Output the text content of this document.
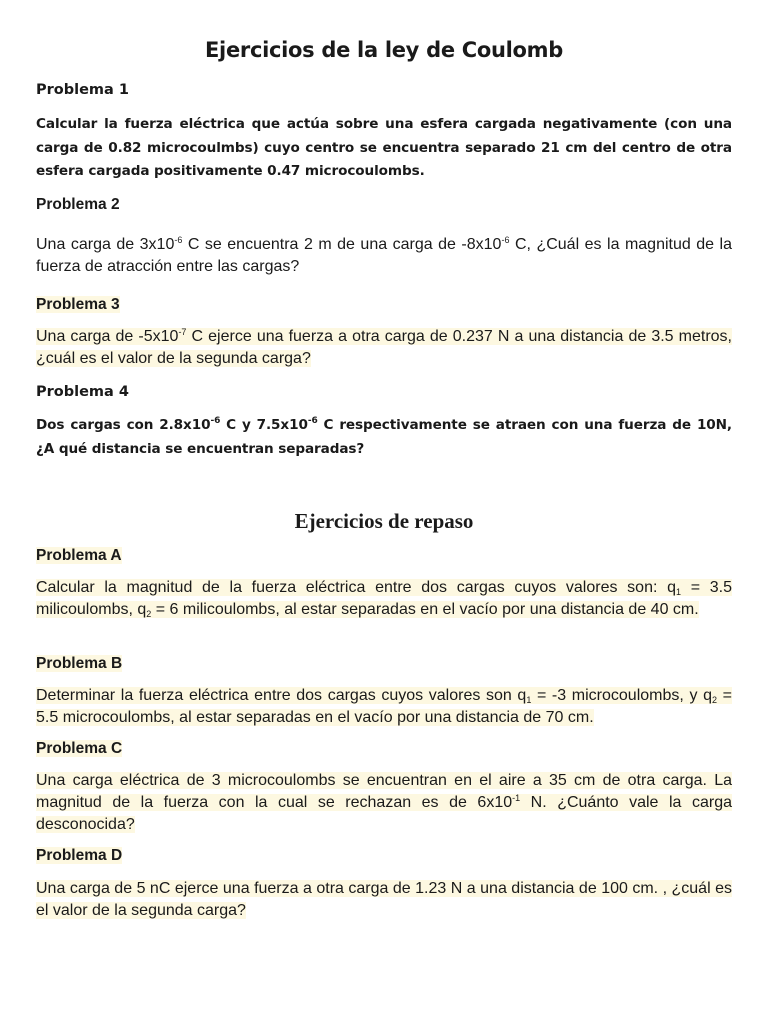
Ejercicios de la ley de Coulomb
Problema 1
Calcular la fuerza eléctrica que actúa sobre una esfera cargada negativamente (con una carga de 0.82 microcoulmbs) cuyo centro se encuentra separado 21 cm del centro de otra esfera cargada positivamente 0.47 microcoulombs.
Problema 2
Una carga de $3x10^{-6}$ C se encuentra 2 m de una carga de $-8x10^{-6}$ C, ¿Cuál es la magnitud de la fuerza de atracción entre las cargas?
Problema 3
Una carga de $-5x10^{-7}$ C ejerce una fuerza a otra carga de 0.237 N a una distancia de 3.5 metros, ¿cuál es el valor de la segunda carga?
Problema 4
Dos cargas con $2.8x10^{-6}$ C y $7.5x10^{-6}$ C respectivamente se atraen con una fuerza de 10N, ¿A qué distancia se encuentran separadas?
Ejercicios de repaso
Problema A
Calcular la magnitud de la fuerza eléctrica entre dos cargas cuyos valores son: $q_1 = 3.5$ milicoulombs, $q_2 = 6$ milicoulombs, al estar separadas en el vacío por una distancia de 40 cm.
Problema B
Determinar la fuerza eléctrica entre dos cargas cuyos valores son $q_1 = -3$ microcoulombs, y $q_2 = 5.5$ microcoulombs, al estar separadas en el vacío por una distancia de 70 cm.
Problema C
Una carga eléctrica de 3 microcoulombs se encuentran en el aire a 35 cm de otra carga. La magnitud de la fuerza con la cual se rechazan es de $6x10^{-1}$ N. ¿Cuánto vale la carga desconocida?
Problema D
Una carga de 5 nC ejerce una fuerza a otra carga de 1.23 N a una distancia de 100 cm. , ¿cuál es el valor de la segunda carga?
